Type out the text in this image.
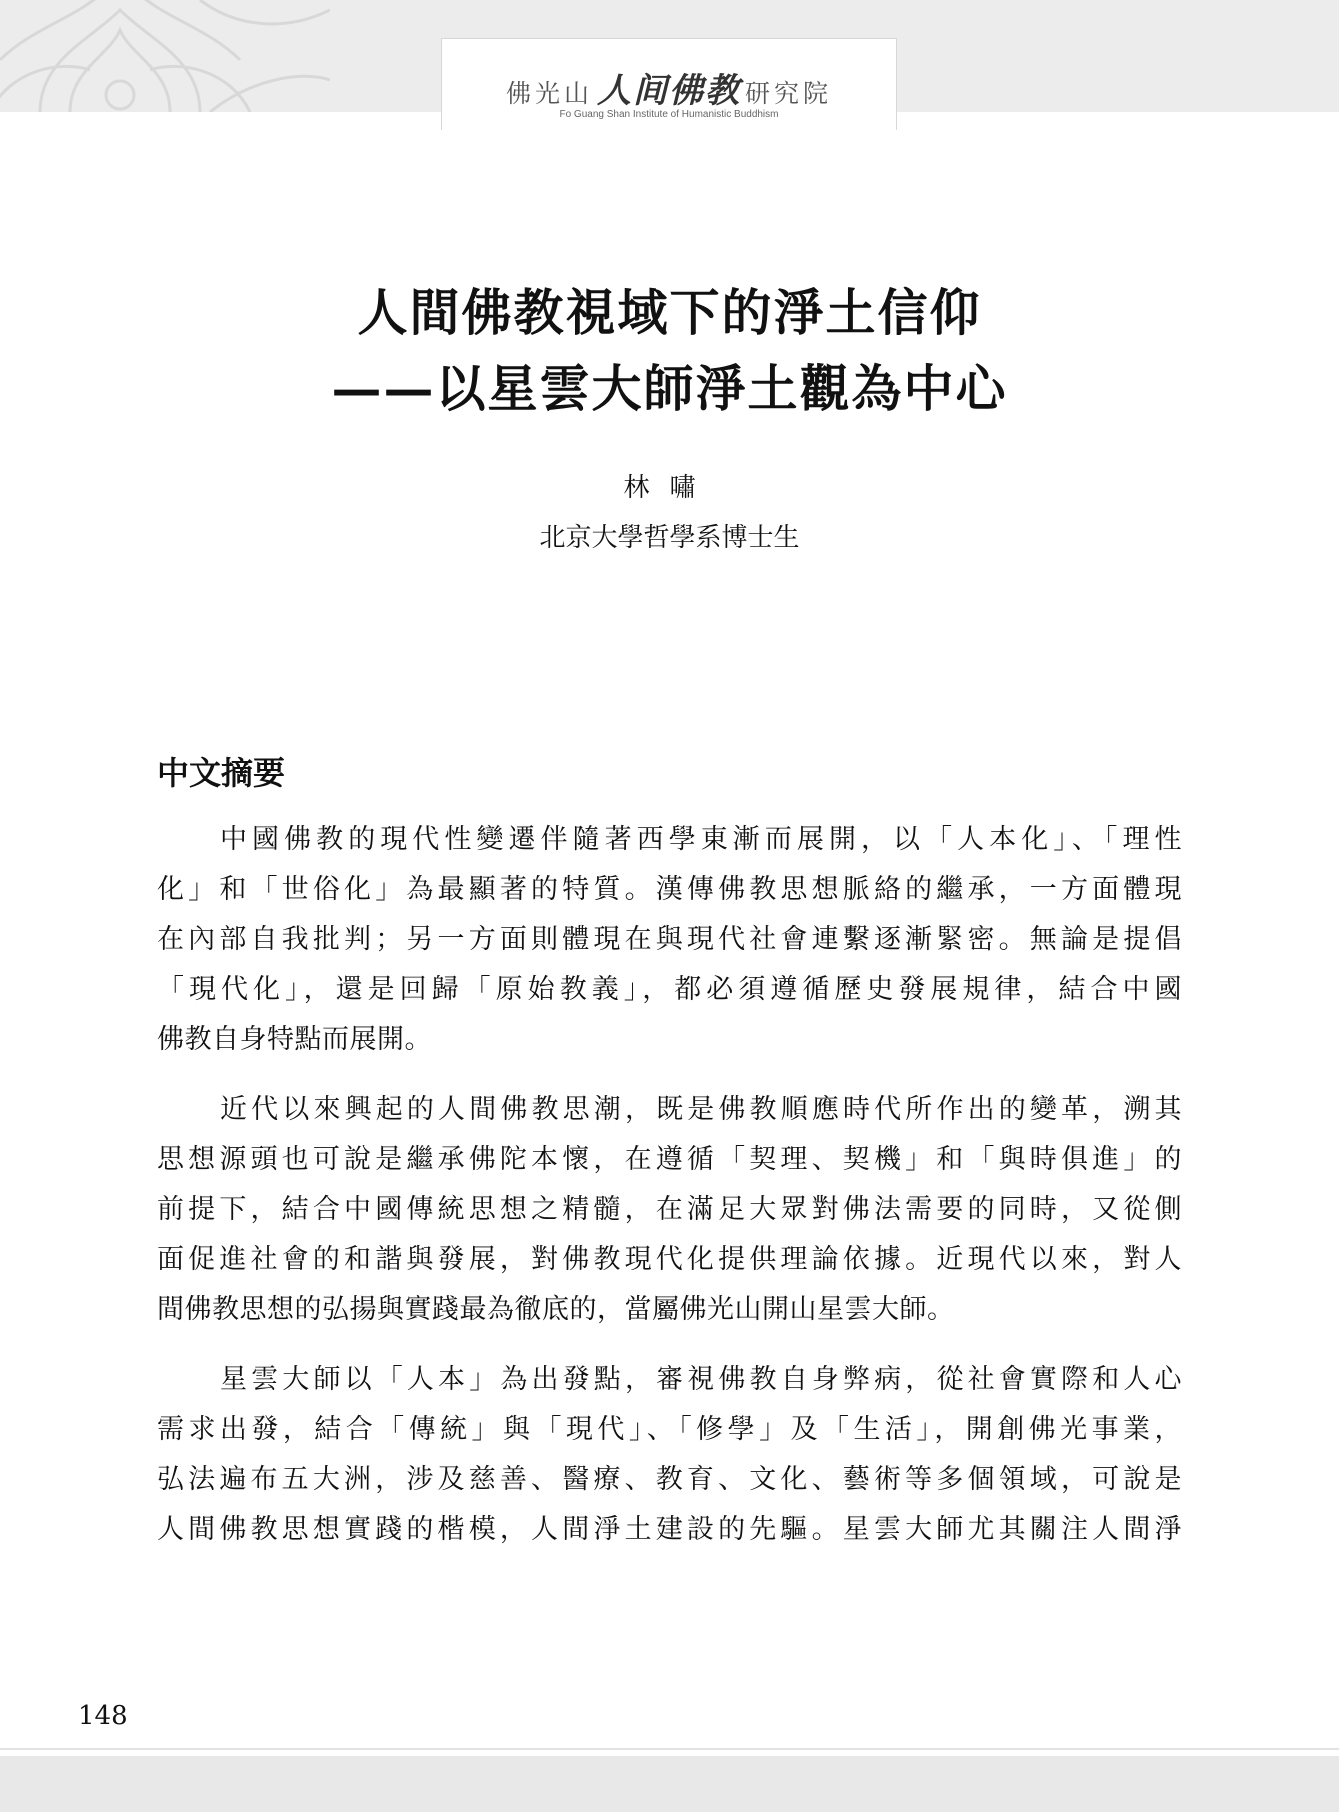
佛光山 人间佛教 研究院
Fo Guang Shan Institute of Humanistic Buddhism
人間佛教視域下的淨土信仰
——以星雲大師淨土觀為中心
林嘯
北京大學哲學系博士生
中文摘要
中國佛教的現代性變遷伴隨著西學東漸而展開，以「人本化」、「理性
化」和「世俗化」為最顯著的特質。漢傳佛教思想脈絡的繼承，一方面體現
在內部自我批判；另一方面則體現在與現代社會連繫逐漸緊密。無論是提倡
「現代化」，還是回歸「原始教義」，都必須遵循歷史發展規律，結合中國
佛教自身特點而展開。
近代以來興起的人間佛教思潮，既是佛教順應時代所作出的變革，溯其
思想源頭也可說是繼承佛陀本懷，在遵循「契理、契機」和「與時俱進」的
前提下，結合中國傳統思想之精髓，在滿足大眾對佛法需要的同時，又從側
面促進社會的和諧與發展，對佛教現代化提供理論依據。近現代以來，對人
間佛教思想的弘揚與實踐最為徹底的，當屬佛光山開山星雲大師。
星雲大師以「人本」為出發點，審視佛教自身弊病，從社會實際和人心
需求出發，結合「傳統」與「現代」、「修學」及「生活」，開創佛光事業，
弘法遍布五大洲，涉及慈善、醫療、教育、文化、藝術等多個領域，可說是
人間佛教思想實踐的楷模，人間淨土建設的先驅。星雲大師尤其關注人間淨
148
